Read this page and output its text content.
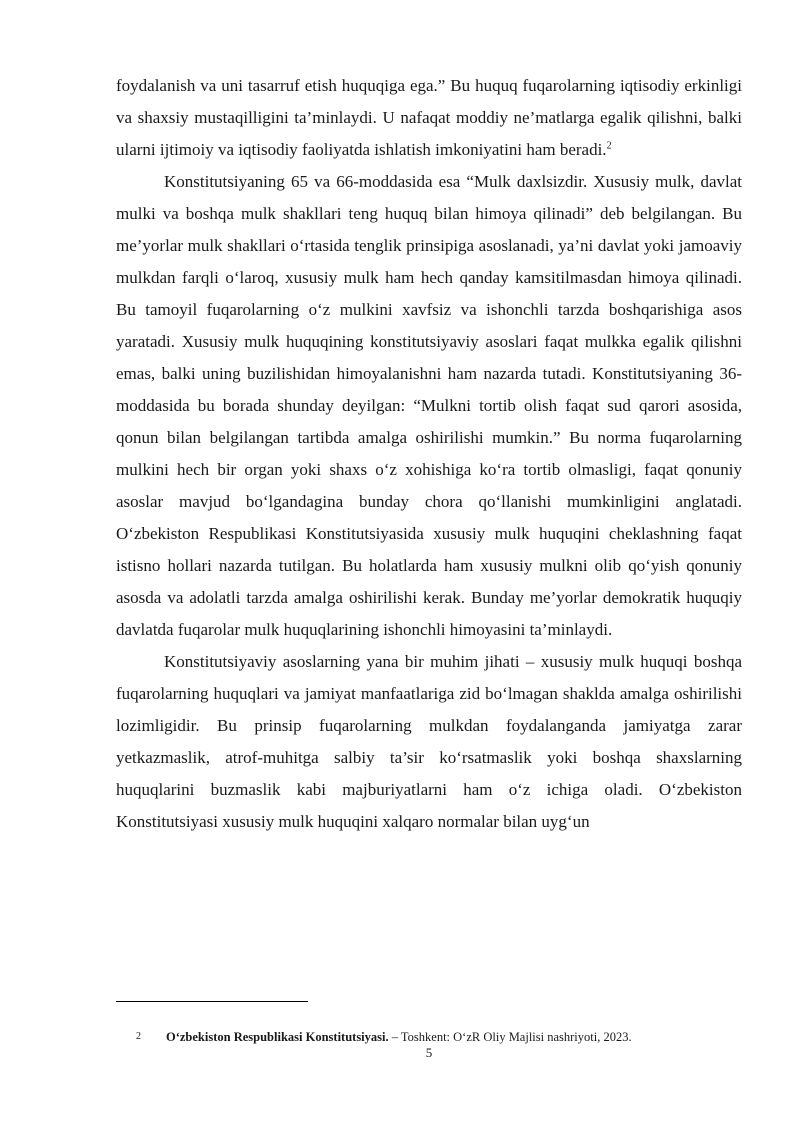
foydalanish va uni tasarruf etish huquqiga ega.” Bu huquq fuqarolarning iqtisodiy erkinligi va shaxsiy mustaqilligini ta’minlaydi. U nafaqat moddiy ne’matlarga egalik qilishni, balki ularni ijtimoiy va iqtisodiy faoliyatda ishlatish imkoniyatini ham beradi.$^2$

Konstitutsiyaning 65 va 66-moddasida esa “Mulk daxlsizdir. Xususiy mulk, davlat mulki va boshqa mulk shakllari teng huquq bilan himoya qilinadi” deb belgilangan. Bu me’yorlar mulk shakllari oʻrtasida tenglik prinsipiga asoslanadi, ya’ni davlat yoki jamoaviy mulkdan farqli oʻlaroq, xususiy mulk ham hech qanday kamsitilmasdan himoya qilinadi. Bu tamoyil fuqarolarning oʻz mulkini xavfsiz va ishonchli tarzda boshqarishiga asos yaratadi. Xususiy mulk huquqining konstitutsiyaviy asoslari faqat mulkka egalik qilishni emas, balki uning buzilishidan himoyalanishni ham nazarda tutadi. Konstitutsiyaning 36-moddasida bu borada shunday deyilgan: “Mulkni tortib olish faqat sud qarori asosida, qonun bilan belgilangan tartibda amalga oshirilishi mumkin.” Bu norma fuqarolarning mulkini hech bir organ yoki shaxs oʻz xohishiga koʻra tortib olmasligi, faqat qonuniy asoslar mavjud boʻlgandagina bunday chora qoʻllanishi mumkinligini anglatadi. Oʻzbekiston Respublikasi Konstitutsiyasida xususiy mulk huquqini cheklashning faqat istisno hollari nazarda tutilgan. Bu holatlarda ham xususiy mulkni olib qoʻyish qonuniy asosda va adolatli tarzda amalga oshirilishi kerak. Bunday me’yorlar demokratik huquqiy davlatda fuqarolar mulk huquqlarining ishonchli himoyasini ta’minlaydi.

Konstitutsiyaviy asoslarning yana bir muhim jihati – xususiy mulk huquqi boshqa fuqarolarning huquqlari va jamiyat manfaatlariga zid boʻlmagan shaklda amalga oshirilishi lozimligidir. Bu prinsip fuqarolarning mulkdan foydalanganda jamiyatga zarar yetkazmaslik, atrof-muhitga salbiy ta’sir koʻrsatmaslik yoki boshqa shaxslarning huquqlarini buzmaslik kabi majburiyatlarni ham oʻz ichiga oladi. Oʻzbekiston Konstitutsiyasi xususiy mulk huquqini xalqaro normalar bilan uygʻun

2 Oʻzbekiston Respublikasi Konstitutsiyasi. – Toshkent: OʻzR Oliy Majlisi nashriyoti, 2023.
5
